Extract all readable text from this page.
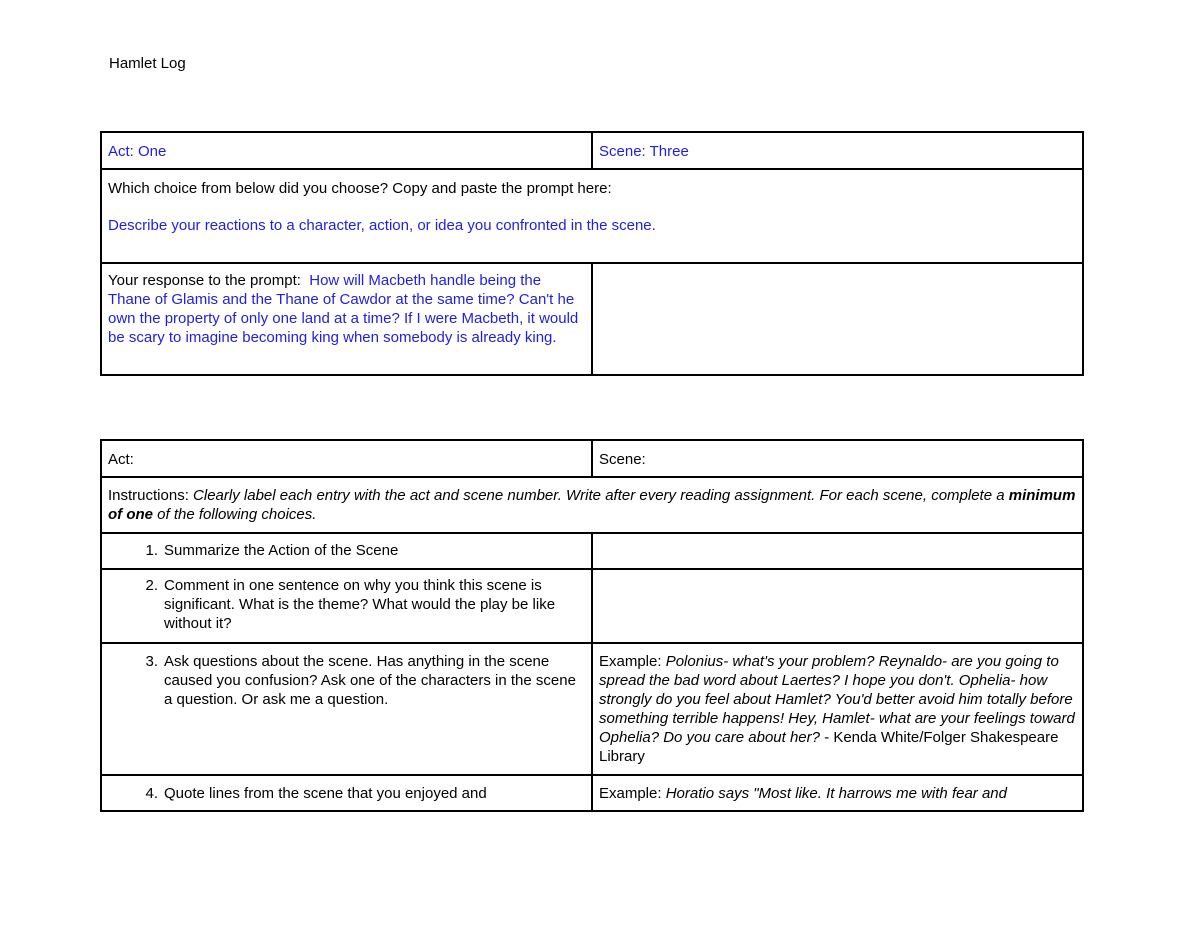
Hamlet Log
Act: One	Scene: Three

Which choice from below did you choose? Copy and paste the prompt here:
Describe your reactions to a character, action, or idea you confronted in the scene.	

Your response to the prompt: How will Macbeth handle being the Thane of Glamis and the Thane of Cawdor at the same time? Can't he own the property of only one land at a time? If I were Macbeth, it would be scary to imagine becoming king when somebody is already king.	
Act:	Scene:
Instructions: Clearly label each entry with the act and scene number. Write after every reading assignment. For each scene, complete a minimum of one of the following choices.	

1. Summarize the Action of the Scene	

2. Comment in one sentence on why you think this scene is significant. What is the theme? What would the play be like without it?	

3. Ask questions about the scene. Has anything in the scene caused you confusion? Ask one of the characters in the scene a question. Or ask me a question.	Example: Polonius- what's your problem? Reynaldo- are you going to spread the bad word about Laertes? I hope you don't. Ophelia- how strongly do you feel about Hamlet? You'd better avoid him totally before something terrible happens! Hey, Hamlet- what are your feelings toward Ophelia? Do you care about her? - Kenda White/Folger Shakespeare Library

4. Quote lines from the scene that you enjoyed and	Example: Horatio says "Most like. It harrows me with fear and
